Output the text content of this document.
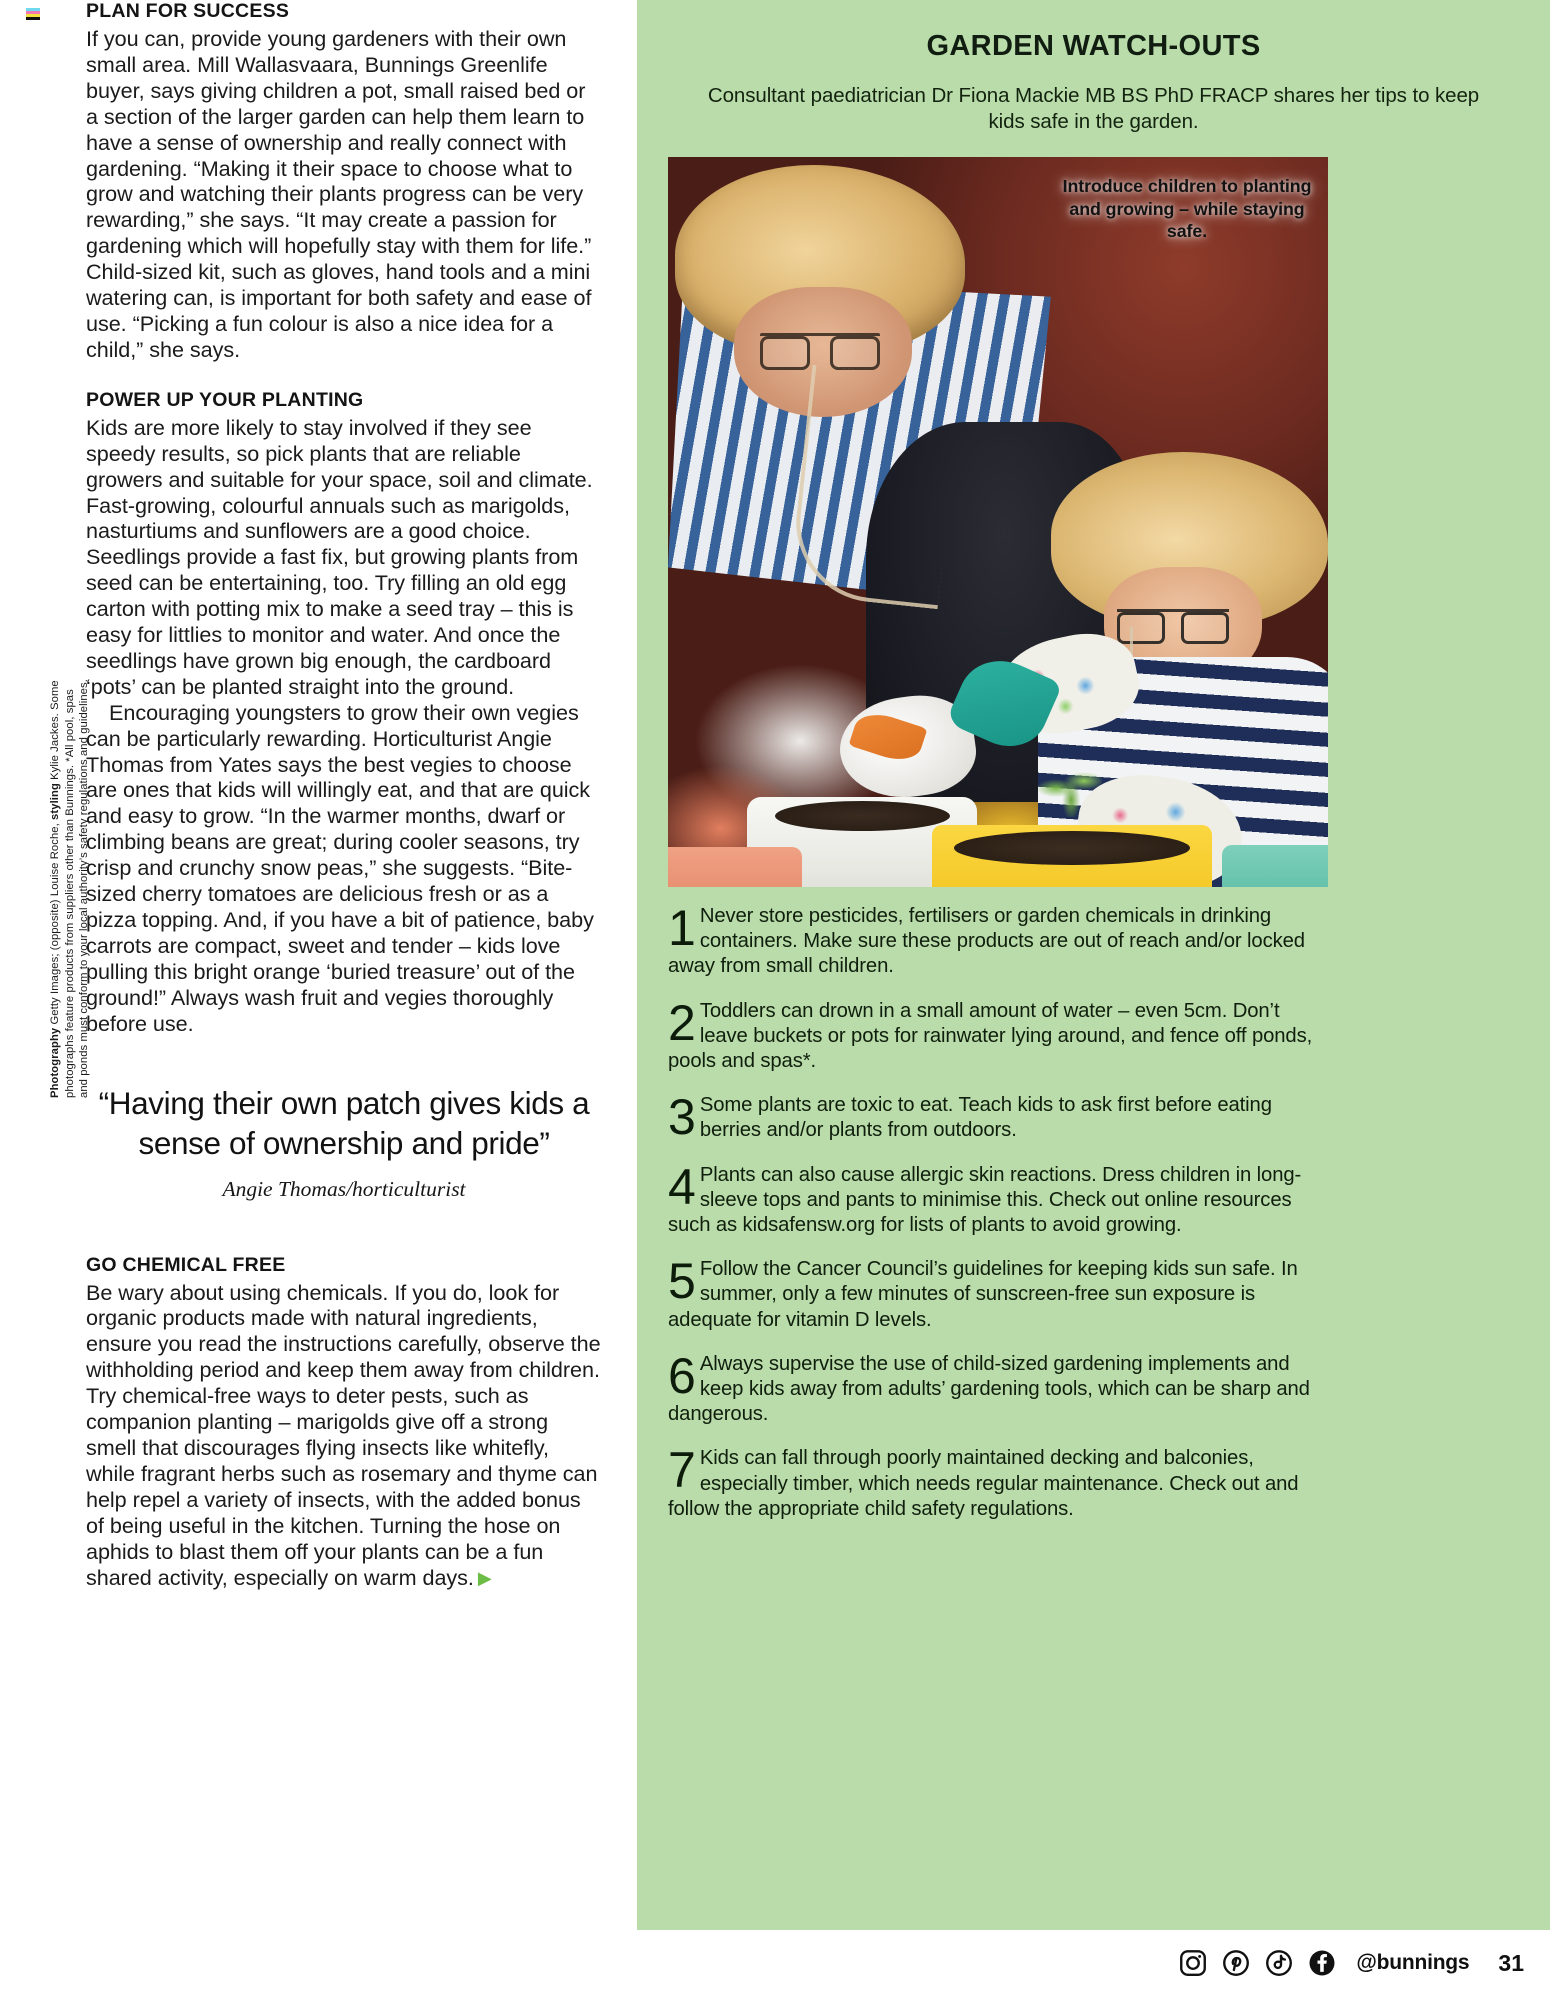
Photography Getty Images; (opposite) Louise Roche, styling Kylie Jackes. Some photographs feature products from suppliers other than Bunnings. *All pool, spas and ponds must conform to your local authority’s safety regulations and guidelines.
PLAN FOR SUCCESS

If you can, provide young gardeners with their own small area. Mill Wallasvaara, Bunnings Greenlife buyer, says giving children a pot, small raised bed or a section of the larger garden can help them learn to have a sense of ownership and really connect with gardening. “Making it their space to choose what to grow and watching their plants progress can be very rewarding,” she says. “It may create a passion for gardening which will hopefully stay with them for life.” Child-sized kit, such as gloves, hand tools and a mini watering can, is important for both safety and ease of use. “Picking a fun colour is also a nice idea for a child,” she says.

POWER UP YOUR PLANTING

Kids are more likely to stay involved if they see speedy results, so pick plants that are reliable growers and suitable for your space, soil and climate. Fast-growing, colourful annuals such as marigolds, nasturtiums and sunflowers are a good choice. Seedlings provide a fast fix, but growing plants from seed can be entertaining, too. Try filling an old egg carton with potting mix to make a seed tray – this is easy for littlies to monitor and water. And once the seedlings have grown big enough, the cardboard ‘pots’ can be planted straight into the ground.

Encouraging youngsters to grow their own vegies can be particularly rewarding. Horticulturist Angie Thomas from Yates says the best vegies to choose are ones that kids will willingly eat, and that are quick and easy to grow. “In the warmer months, dwarf or climbing beans are great; during cooler seasons, try crisp and crunchy snow peas,” she suggests. “Bite-sized cherry tomatoes are delicious fresh or as a pizza topping. And, if you have a bit of patience, baby carrots are compact, sweet and tender – kids love pulling this bright orange ‘buried treasure’ out of the ground!” Always wash fruit and vegies thoroughly before use.

“Having their own patch gives kids a sense of ownership and pride”
Angie Thomas/horticulturist
GO CHEMICAL FREE

Be wary about using chemicals. If you do, look for organic products made with natural ingredients, ensure you read the instructions carefully, observe the withholding period and keep them away from children. Try chemical-free ways to deter pests, such as companion planting – marigolds give off a strong smell that discourages flying insects like whitefly, while fragrant herbs such as rosemary and thyme can help repel a variety of insects, with the added bonus of being useful in the kitchen. Turning the hose on aphids to blast them off your plants can be a fun shared activity, especially on warm days. ▶

GARDEN WATCH-OUTS
Consultant paediatrician Dr Fiona Mackie MB BS PhD FRACP shares her tips to keep kids safe in the garden.
Introduce children to planting and growing – while staying safe.
1 Never store pesticides, fertilisers or garden chemicals in drinking containers. Make sure these products are out of reach and/or locked away from small children.
2 Toddlers can drown in a small amount of water – even 5cm. Don’t leave buckets or pots for rainwater lying around, and fence off ponds, pools and spas*.
3 Some plants are toxic to eat. Teach kids to ask first before eating berries and/or plants from outdoors.
4 Plants can also cause allergic skin reactions. Dress children in long-sleeve tops and pants to minimise this. Check out online resources such as kidsafensw.org for lists of plants to avoid growing.
5 Follow the Cancer Council’s guidelines for keeping kids sun safe. In summer, only a few minutes of sunscreen-free sun exposure is adequate for vitamin D levels.
6 Always supervise the use of child-sized gardening implements and keep kids away from adults’ gardening tools, which can be sharp and dangerous.
7 Kids can fall through poorly maintained decking and balconies, especially timber, which needs regular maintenance. Check out and follow the appropriate child safety regulations.
@bunnings 31
